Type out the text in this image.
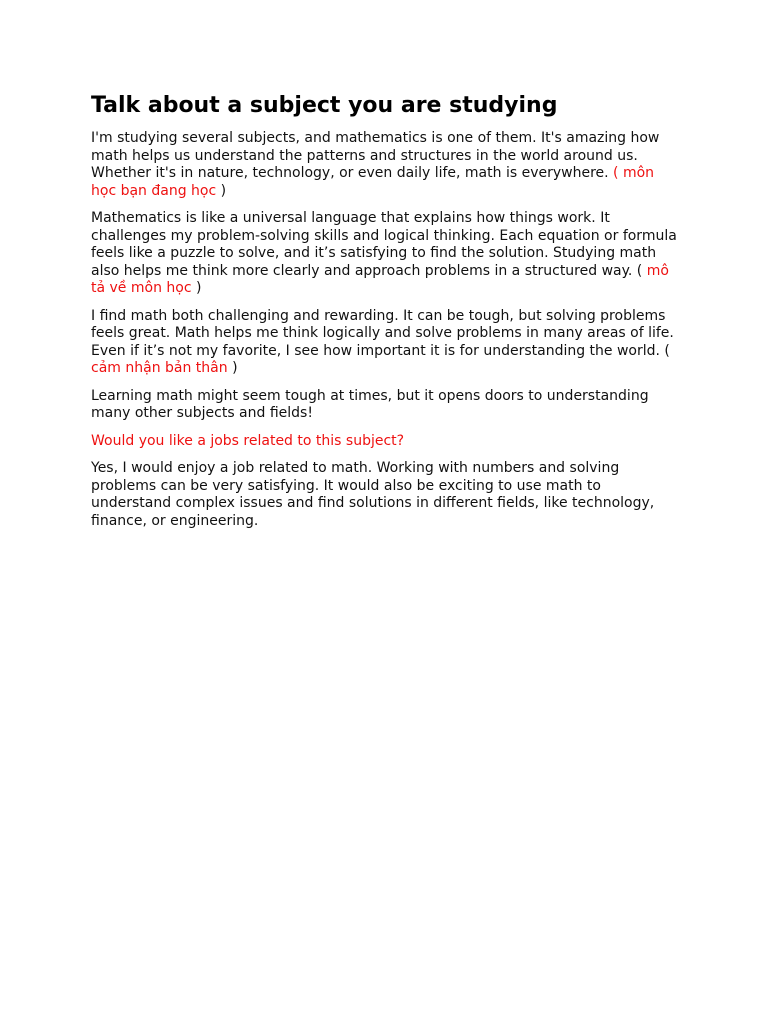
Talk about a subject you are studying

I'm studying several subjects, and mathematics is one of them. It's amazing how math helps us understand the patterns and structures in the world around us. Whether it's in nature, technology, or even daily life, math is everywhere. ( môn học bạn đang học )

Mathematics is like a universal language that explains how things work. It challenges my problem-solving skills and logical thinking. Each equation or formula feels like a puzzle to solve, and it’s satisfying to find the solution. Studying math also helps me think more clearly and approach problems in a structured way. ( mô tả về môn học )

I find math both challenging and rewarding. It can be tough, but solving problems feels great. Math helps me think logically and solve problems in many areas of life. Even if it’s not my favorite, I see how important it is for understanding the world. ( cảm nhận bản thân )

Learning math might seem tough at times, but it opens doors to understanding many other subjects and fields!

Would you like a jobs related to this subject?

Yes, I would enjoy a job related to math. Working with numbers and solving problems can be very satisfying. It would also be exciting to use math to understand complex issues and find solutions in different fields, like technology, finance, or engineering.
